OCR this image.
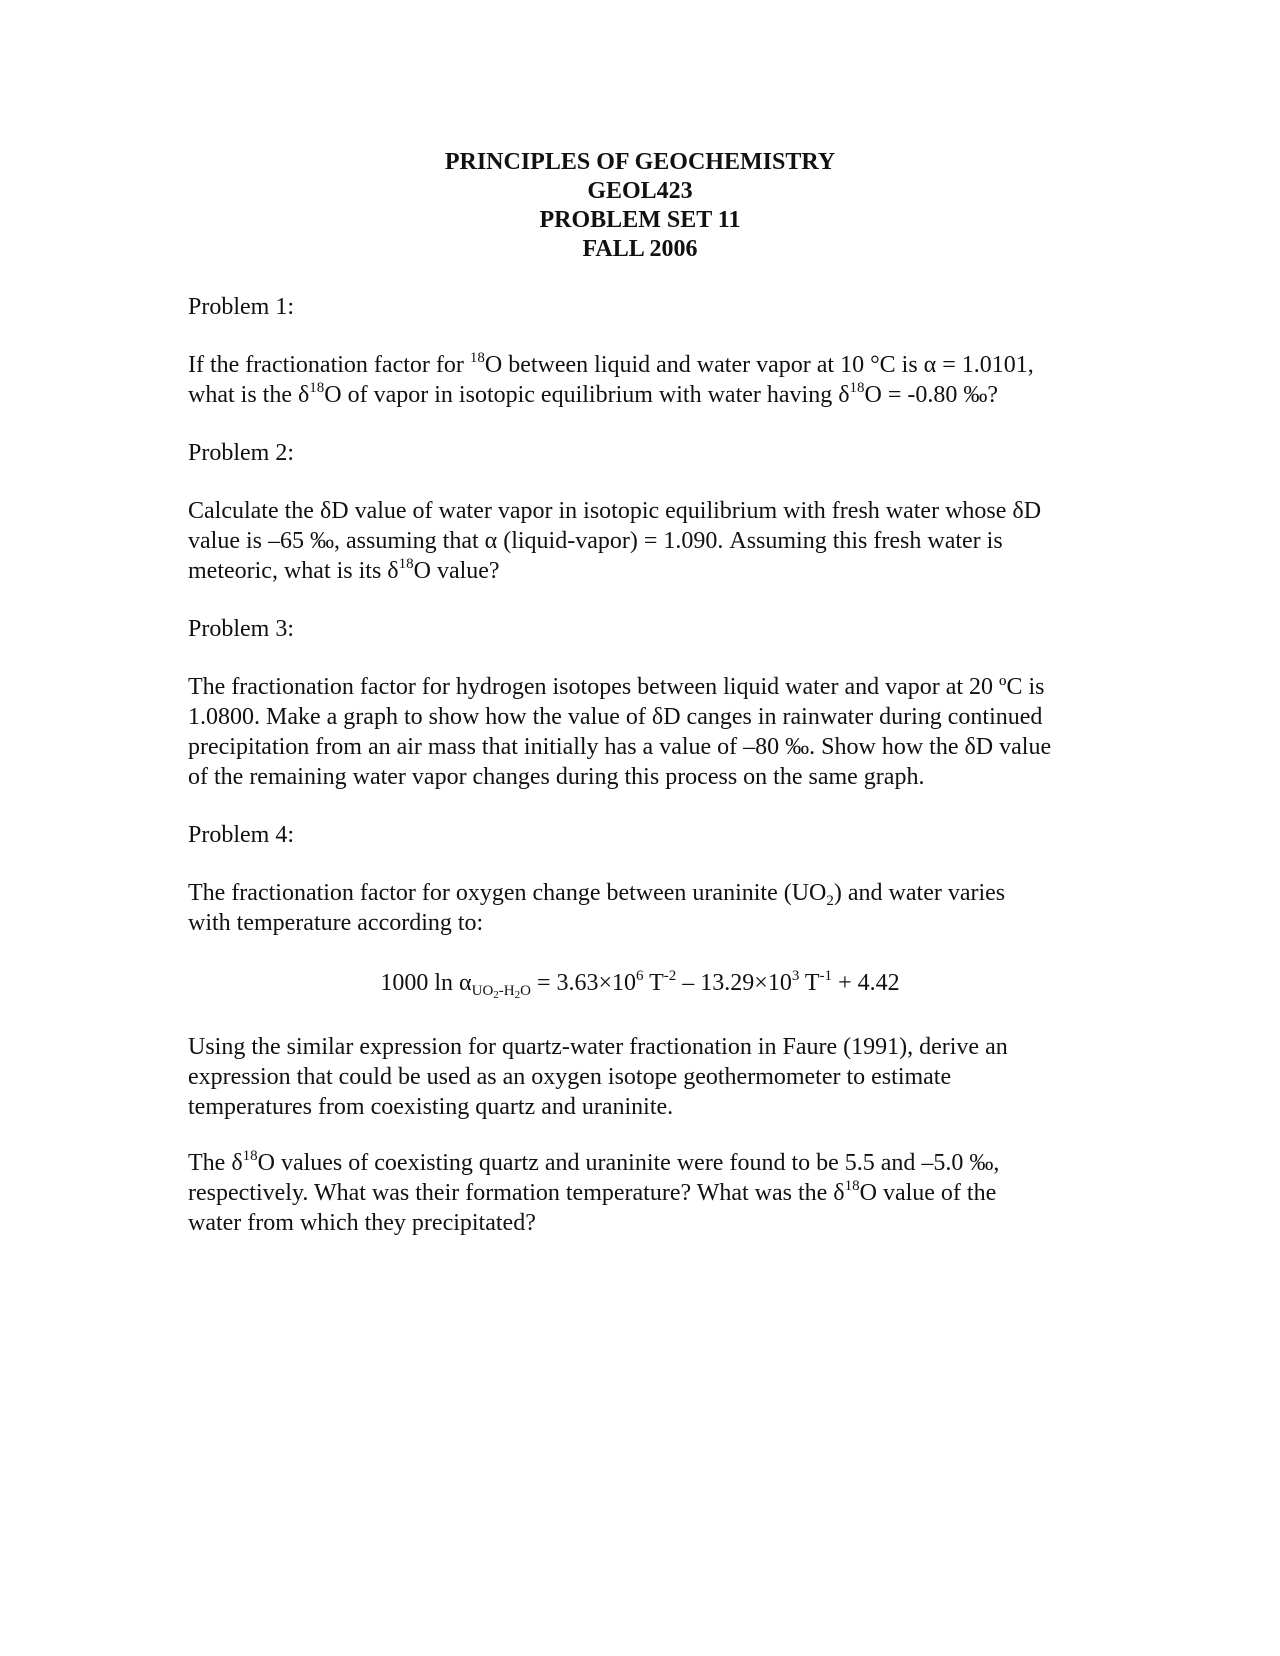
PRINCIPLES OF GEOCHEMISTRY
GEOL423
PROBLEM SET 11
FALL 2006

Problem 1:

If the fractionation factor for $^{18}$O between liquid and water vapor at 10 °C is α = 1.0101,

what is the $\delta^{18}O$ of vapor in isotopic equilibrium with water having $\delta^{18}O = -0.80$ ‰?

Problem 2:

Calculate the δD value of water vapor in isotopic equilibrium with fresh water whose δD

value is –65 ‰, assuming that α (liquid-vapor) = 1.090. Assuming this fresh water is

meteoric, what is its $\delta^{18}O$ value?

Problem 3:

The fractionation factor for hydrogen isotopes between liquid water and vapor at 20 ºC is

1.0800. Make a graph to show how the value of δD canges in rainwater during continued

precipitation from an air mass that initially has a value of –80 ‰. Show how the δD value

of the remaining water vapor changes during this process on the same graph.

Problem 4:

The fractionation factor for oxygen change between uraninite $(UO_2)$ and water varies

with temperature according to:

1000 $\ln \alpha_{UO_2-H_2O} = 3.63\times 10^6$ $T^{-2} - 13.29\times 10^3$ $T^{-1} + 4.42$

Using the similar expression for quartz-water fractionation in Faure (1991), derive an

expression that could be used as an oxygen isotope geothermometer to estimate

temperatures from coexisting quartz and uraninite.

The $\delta^{18}O$ values of coexisting quartz and uraninite were found to be 5.5 and –5.0 ‰,

respectively. What was their formation temperature? What was the $\delta^{18}O$ value of the

water from which they precipitated?
